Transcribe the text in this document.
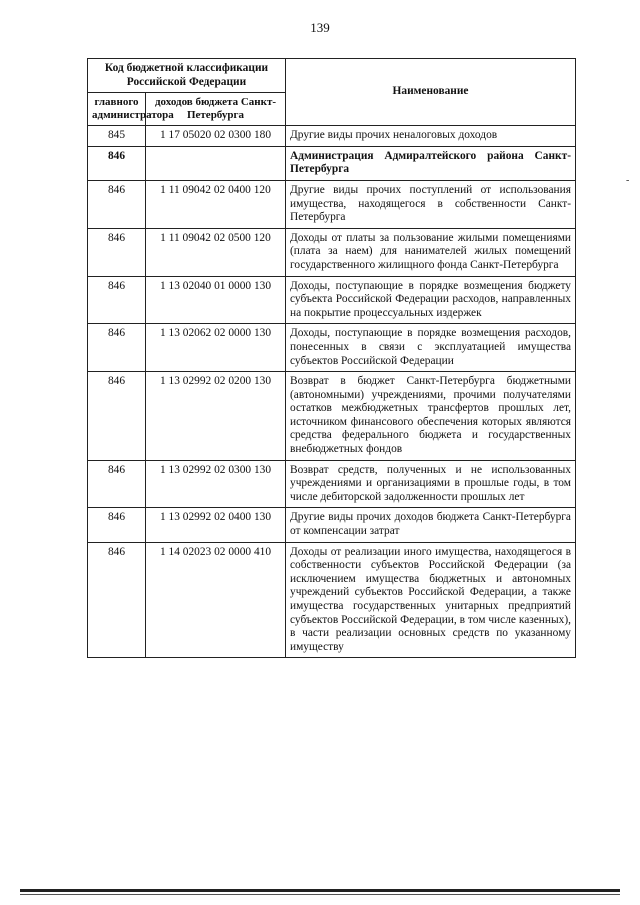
139
-
Код бюджетной классификации Российской Федерации		Наименование
главного администратора	доходов бюджета Санкт-Петербурга	
845	1 17 05020 02 0300 180	Другие виды прочих неналоговых доходов
846		Администрация Адмиралтейского района Санкт-Петербурга
846	1 11 09042 02 0400 120	Другие виды прочих поступлений от использования имущества, находящегося в собственности Санкт-Петербурга
846	1 11 09042 02 0500 120	Доходы от платы за пользование жилыми помещениями (плата за наем) для нанимателей жилых помещений государственного жилищного фонда Санкт-Петербурга
846	1 13 02040 01 0000 130	Доходы, поступающие в порядке возмещения бюджету субъекта Российской Федерации расходов, направленных на покрытие процессуальных издержек
846	1 13 02062 02 0000 130	Доходы, поступающие в порядке возмещения расходов, понесенных в связи с эксплуатацией имущества субъектов Российской Федерации
846	1 13 02992 02 0200 130	Возврат в бюджет Санкт-Петербурга бюджетными (автономными) учреждениями, прочими получателями остатков межбюджетных трансфертов прошлых лет, источником финансового обеспечения которых являются средства федерального бюджета и государственных внебюджетных фондов
846	1 13 02992 02 0300 130	Возврат средств, полученных и не использованных учреждениями и организациями в прошлые годы, в том числе дебиторской задолженности прошлых лет
846	1 13 02992 02 0400 130	Другие виды прочих доходов бюджета Санкт-Петербурга от компенсации затрат
846	1 14 02023 02 0000 410	Доходы от реализации иного имущества, находящегося в собственности субъектов Российской Федерации (за исключением имущества бюджетных и автономных учреждений субъектов Российской Федерации, а также имущества государственных унитарных предприятий субъектов Российской Федерации, в том числе казенных), в части реализации основных средств по указанному имуществу
